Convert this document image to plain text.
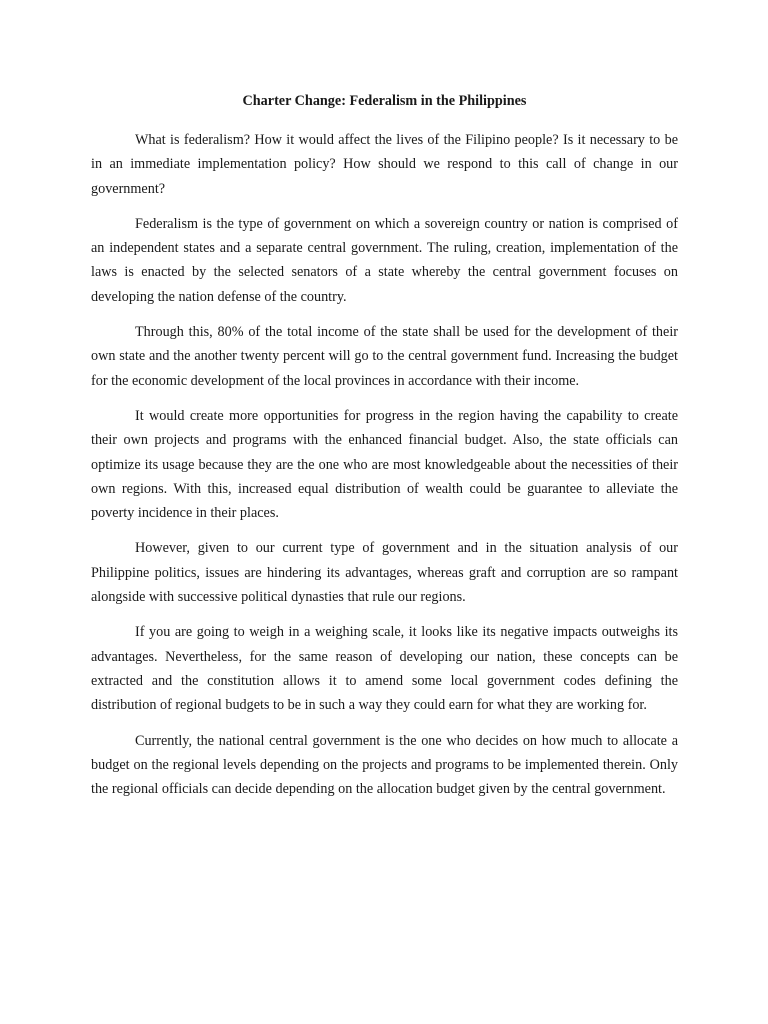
Charter Change: Federalism in the Philippines

What is federalism? How it would affect the lives of the Filipino people? Is it necessary to be in an immediate implementation policy? How should we respond to this call of change in our government?

Federalism is the type of government on which a sovereign country or nation is comprised of an independent states and a separate central government. The ruling, creation, implementation of the laws is enacted by the selected senators of a state whereby the central government focuses on developing the nation defense of the country.

Through this, 80% of the total income of the state shall be used for the development of their own state and the another twenty percent will go to the central government fund. Increasing the budget for the economic development of the local provinces in accordance with their income.

It would create more opportunities for progress in the region having the capability to create their own projects and programs with the enhanced financial budget. Also, the state officials can optimize its usage because they are the one who are most knowledgeable about the necessities of their own regions. With this, increased equal distribution of wealth could be guarantee to alleviate the poverty incidence in their places.

However, given to our current type of government and in the situation analysis of our Philippine politics, issues are hindering its advantages, whereas graft and corruption are so rampant alongside with successive political dynasties that rule our regions.

If you are going to weigh in a weighing scale, it looks like its negative impacts outweighs its advantages. Nevertheless, for the same reason of developing our nation, these concepts can be extracted and the constitution allows it to amend some local government codes defining the distribution of regional budgets to be in such a way they could earn for what they are working for.

Currently, the national central government is the one who decides on how much to allocate a budget on the regional levels depending on the projects and programs to be implemented therein. Only the regional officials can decide depending on the allocation budget given by the central government.
